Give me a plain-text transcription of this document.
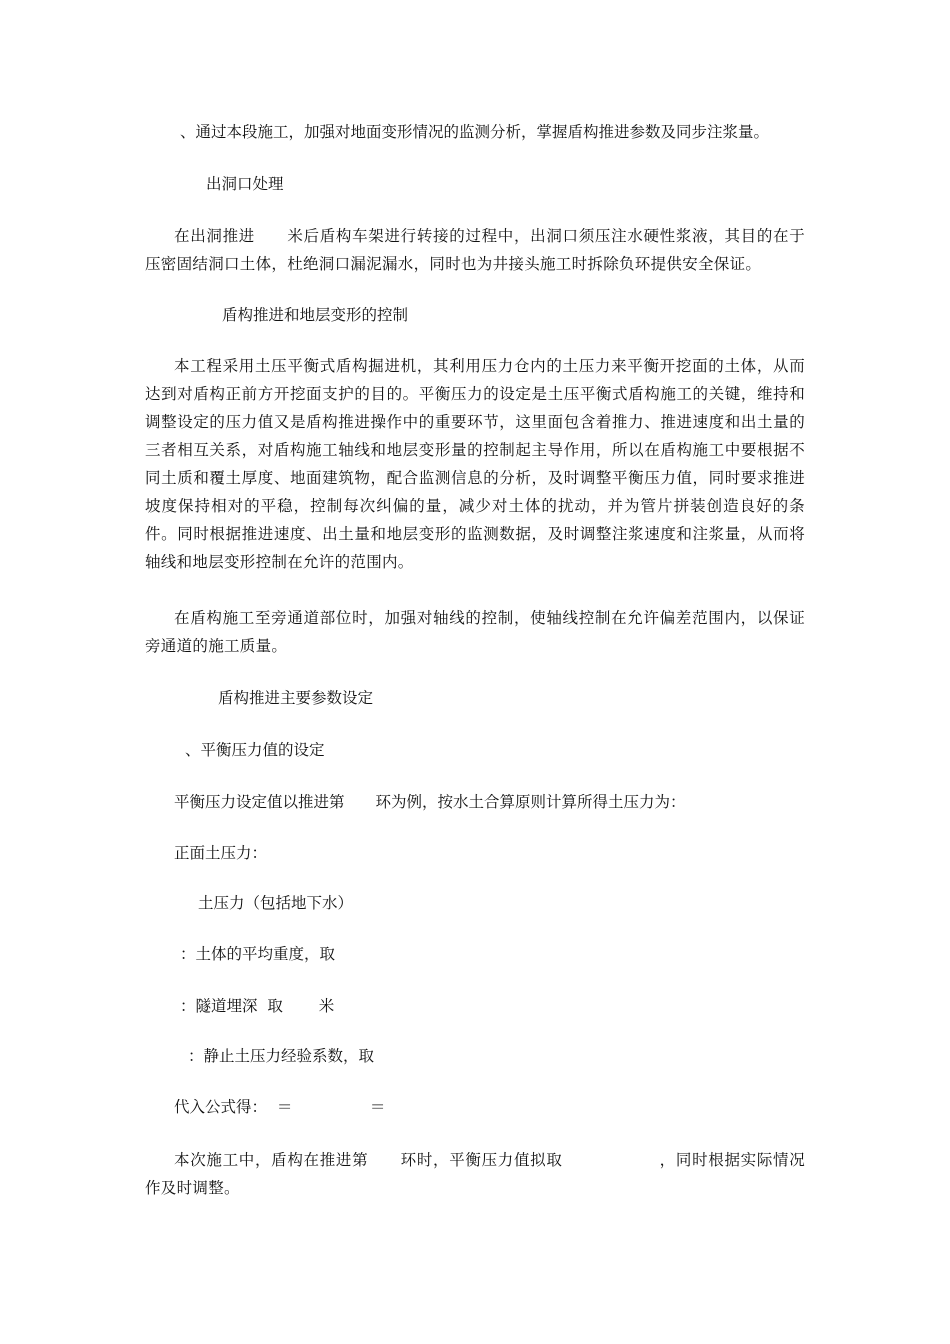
、通过本段施工，加强对地面变形情况的监测分析，掌握盾构推进参数及同步注浆量。
出洞口处理
在出洞推进　　米后盾构车架进行转接的过程中，出洞口须压注水硬性浆液，其目的在于压密固结洞口土体，杜绝洞口漏泥漏水，同时也为井接头施工时拆除负环提供安全保证。
盾构推进和地层变形的控制
本工程采用土压平衡式盾构掘进机，其利用压力仓内的土压力来平衡开挖面的土体，从而达到对盾构正前方开挖面支护的目的。平衡压力的设定是土压平衡式盾构施工的关键，维持和调整设定的压力值又是盾构推进操作中的重要环节，这里面包含着推力、推进速度和出土量的三者相互关系，对盾构施工轴线和地层变形量的控制起主导作用，所以在盾构施工中要根据不同土质和覆土厚度、地面建筑物，配合监测信息的分析，及时调整平衡压力值，同时要求推进坡度保持相对的平稳，控制每次纠偏的量，减少对土体的扰动，并为管片拼装创造良好的条件。同时根据推进速度、出土量和地层变形的监测数据，及时调整注浆速度和注浆量，从而将轴线和地层变形控制在允许的范围内。
在盾构施工至旁通道部位时，加强对轴线的控制，使轴线控制在允许偏差范围内，以保证旁通道的施工质量。
盾构推进主要参数设定
、平衡压力值的设定
平衡压力设定值以推进第　　环为例，按水土合算原则计算所得土压力为：
正面土压力：
土压力（包括地下水）
：土体的平均重度，取
：隧道埋深  取　　 米
：静止土压力经验系数，取
代入公式得：  ＝　　　　　＝
本次施工中，盾构在推进第　　环时，平衡压力值拟取　　　　　　，同时根据实际情况作及时调整。
